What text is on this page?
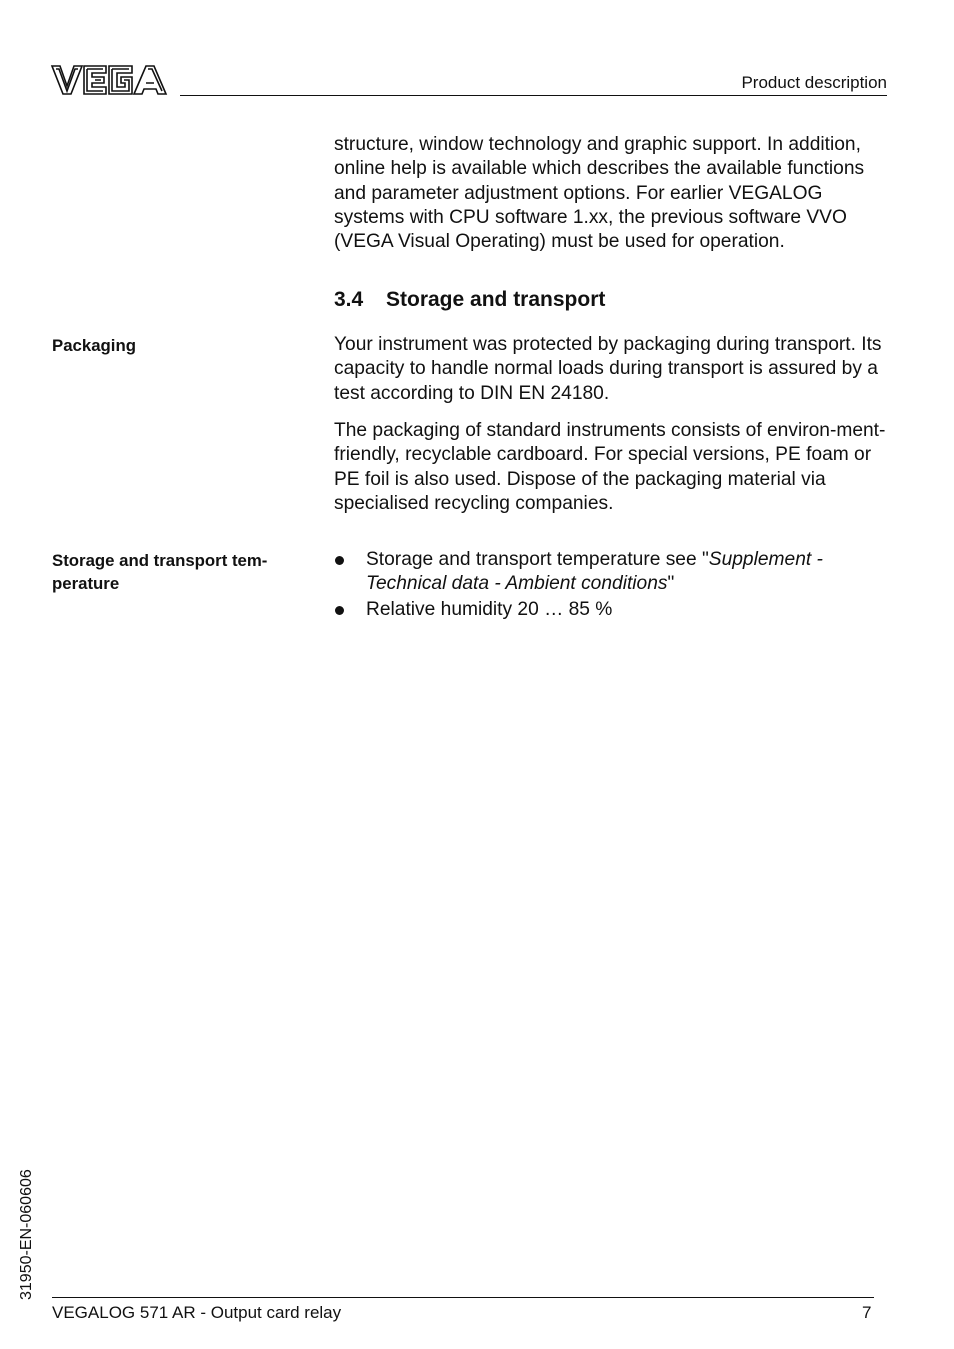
Product description

structure, window technology and graphic support. In addition, online help is available which describes the available functions and parameter adjustment options. For earlier VEGALOG systems with CPU software 1.xx, the previous software VVO (VEGA Visual Operating) must be used for operation.

3.4 Storage and transport
Packaging	Your instrument was protected by packaging during transport. Its capacity to handle normal loads during transport is assured by a test according to DIN EN 24180.

The packaging of standard instruments consists of environ-ment-friendly, recyclable cardboard. For special versions, PE foam or PE foil is also used. Dispose of the packaging material via specialised recycling companies.

Storage and transport tem-
perature
Storage and transport temperature see "Supplement - Technical data - Ambient conditions"
Relative humidity 20 … 85 %
31950-EN-060606
VEGALOG 571 AR - Output card relay	7
